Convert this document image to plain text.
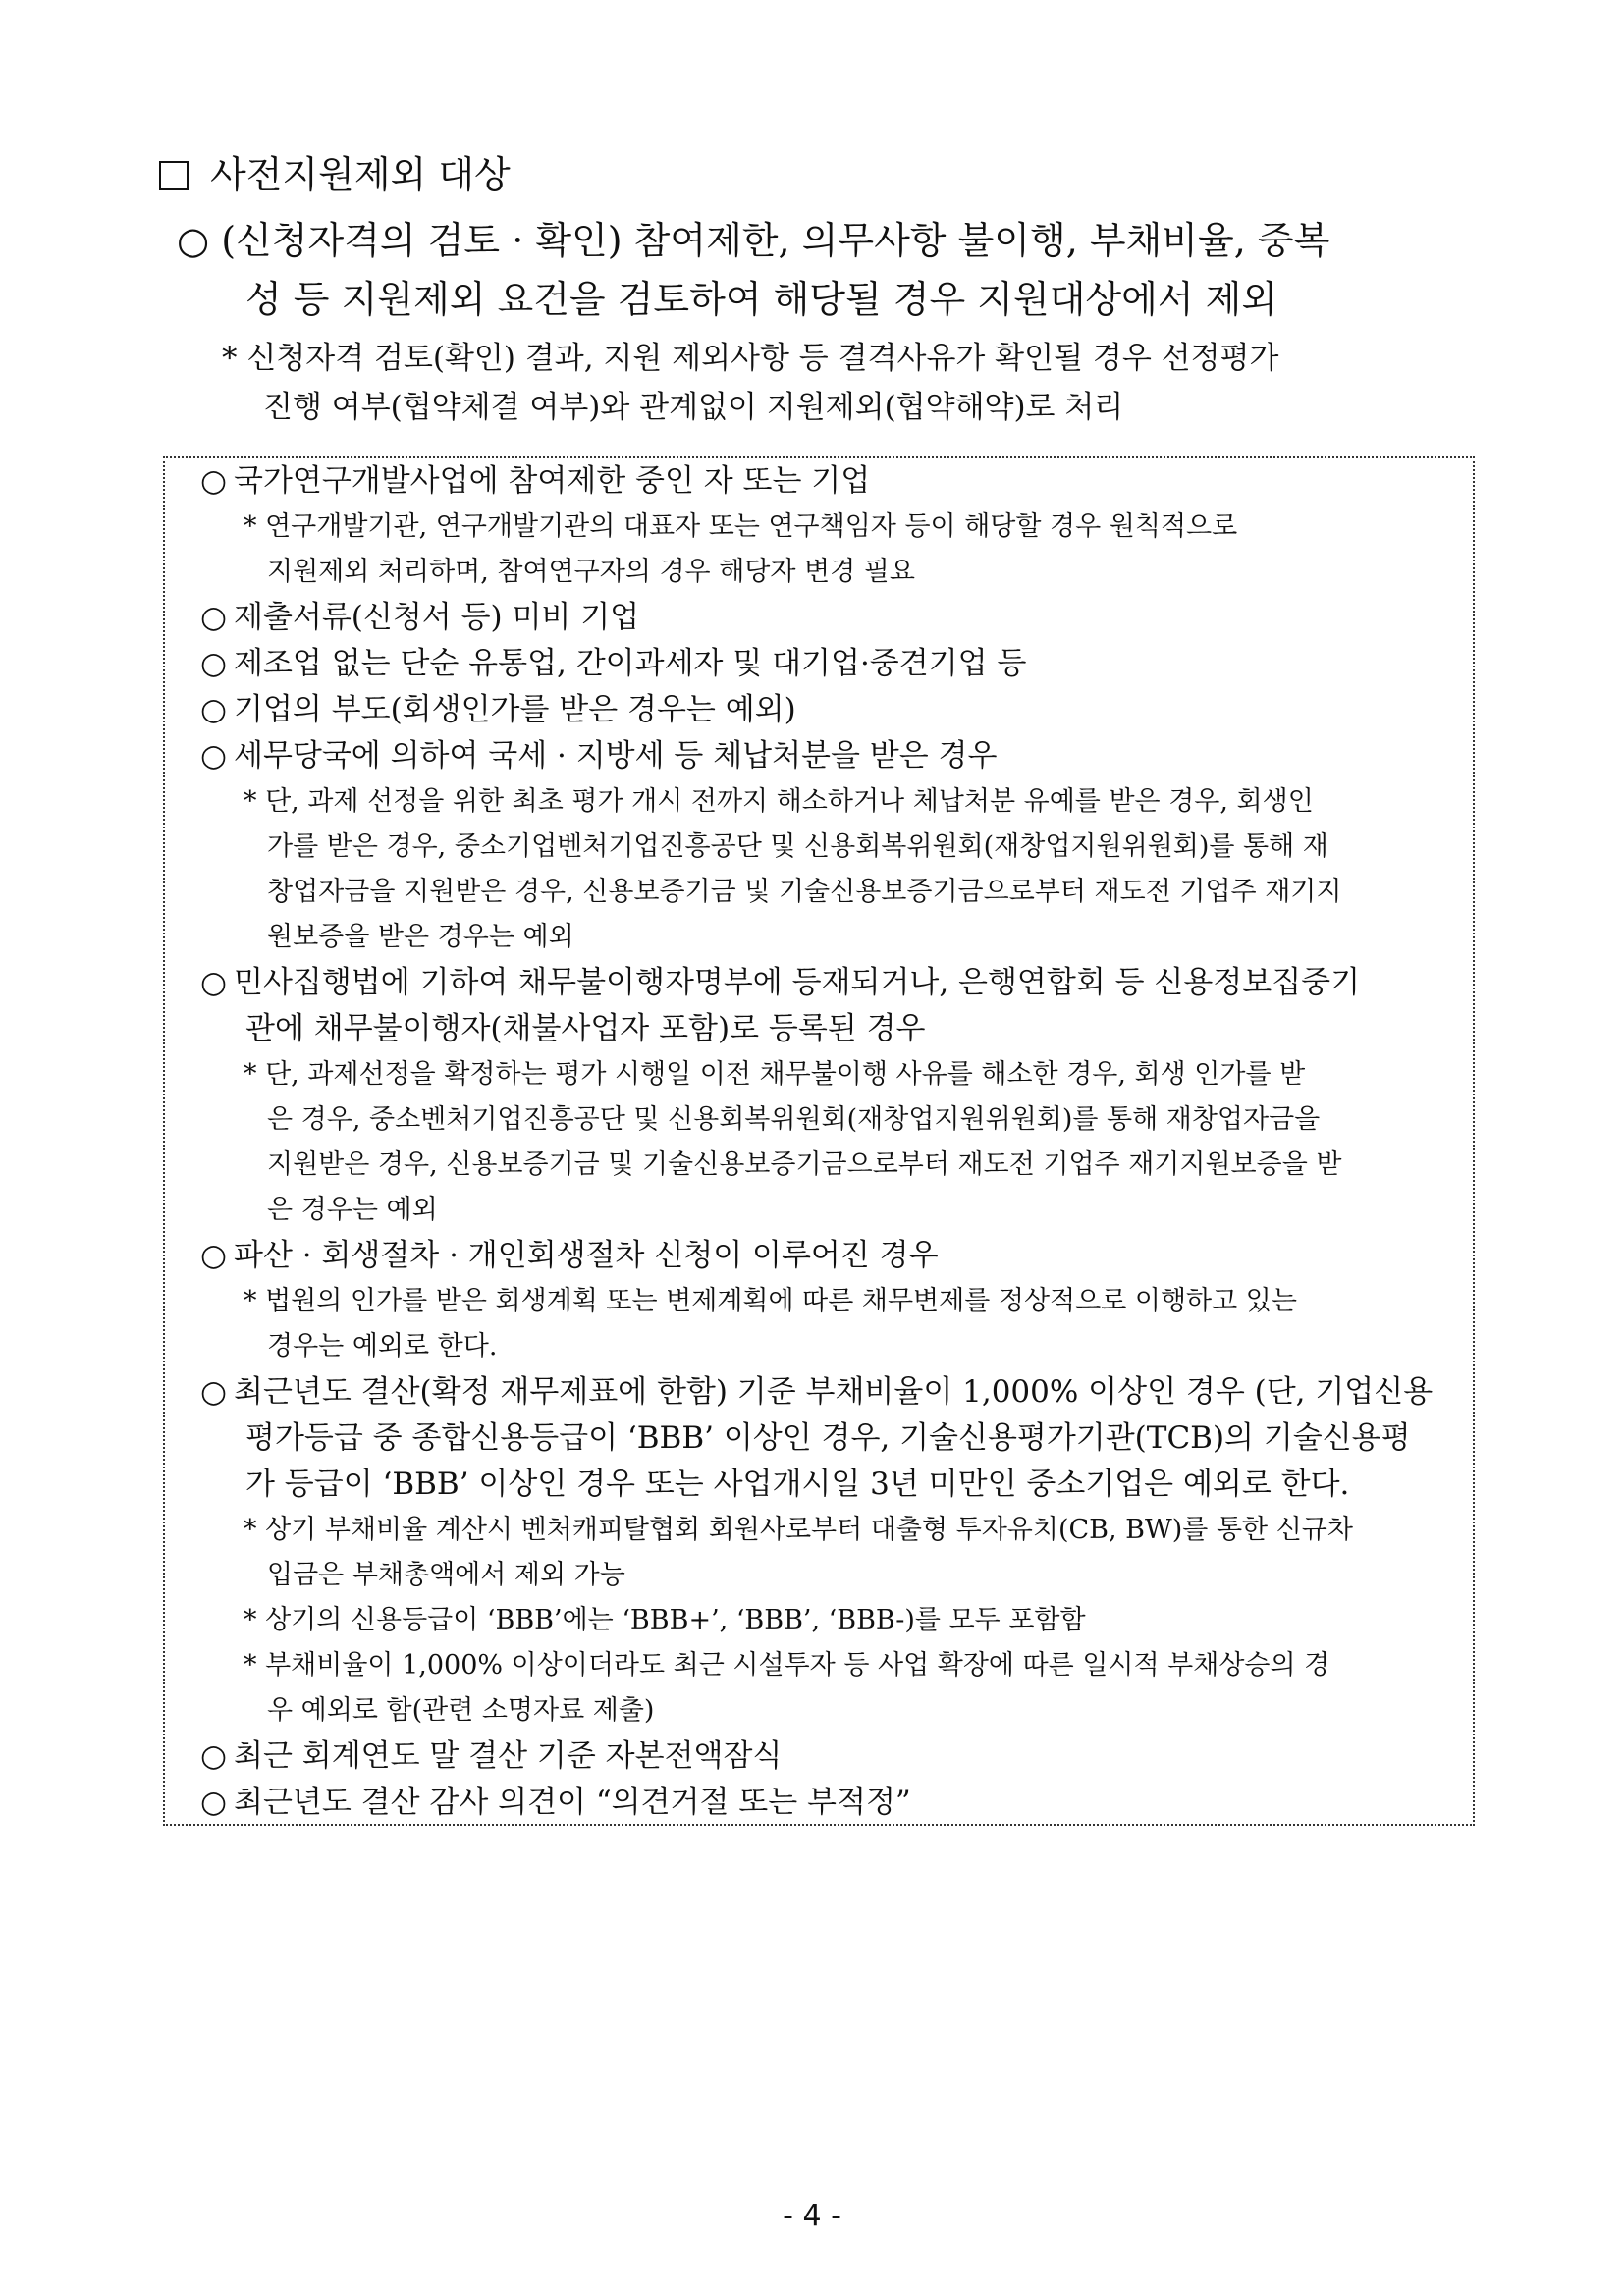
사전지원제외 대상
○ (신청자격의 검토 · 확인) 참여제한, 의무사항 불이행, 부채비율, 중복
성 등 지원제외 요건을 검토하여 해당될 경우 지원대상에서 제외
* 신청자격 검토(확인) 결과, 지원 제외사항 등 결격사유가 확인될 경우 선정평가
진행 여부(협약체결 여부)와 관계없이 지원제외(협약해약)로 처리
○ 국가연구개발사업에 참여제한 중인 자 또는 기업
* 연구개발기관, 연구개발기관의 대표자 또는 연구책임자 등이 해당할 경우 원칙적으로
지원제외 처리하며, 참여연구자의 경우 해당자 변경 필요
○ 제출서류(신청서 등) 미비 기업
○ 제조업 없는 단순 유통업, 간이과세자 및 대기업·중견기업 등
○ 기업의 부도(회생인가를 받은 경우는 예외)
○ 세무당국에 의하여 국세 · 지방세 등 체납처분을 받은 경우
* 단, 과제 선정을 위한 최초 평가 개시 전까지 해소하거나 체납처분 유예를 받은 경우, 회생인
가를 받은 경우, 중소기업벤처기업진흥공단 및 신용회복위원회(재창업지원위원회)를 통해 재
창업자금을 지원받은 경우, 신용보증기금 및 기술신용보증기금으로부터 재도전 기업주 재기지
원보증을 받은 경우는 예외
○ 민사집행법에 기하여 채무불이행자명부에 등재되거나, 은행연합회 등 신용정보집중기
관에 채무불이행자(채불사업자 포함)로 등록된 경우
* 단, 과제선정을 확정하는 평가 시행일 이전 채무불이행 사유를 해소한 경우, 회생 인가를 받
은 경우, 중소벤처기업진흥공단 및 신용회복위원회(재창업지원위원회)를 통해 재창업자금을
지원받은 경우, 신용보증기금 및 기술신용보증기금으로부터 재도전 기업주 재기지원보증을 받
은 경우는 예외
○ 파산 · 회생절차 · 개인회생절차 신청이 이루어진 경우
* 법원의 인가를 받은 회생계획 또는 변제계획에 따른 채무변제를 정상적으로 이행하고 있는
경우는 예외로 한다.
○ 최근년도 결산(확정 재무제표에 한함) 기준 부채비율이 1,000% 이상인 경우 (단, 기업신용
평가등급 중 종합신용등급이 ‘BBB’ 이상인 경우, 기술신용평가기관(TCB)의 기술신용평
가 등급이 ‘BBB’ 이상인 경우 또는 사업개시일 3년 미만인 중소기업은 예외로 한다.
* 상기 부채비율 계산시 벤처캐피탈협회 회원사로부터 대출형 투자유치(CB, BW)를 통한 신규차
입금은 부채총액에서 제외 가능
* 상기의 신용등급이 ‘BBB’에는 ‘BBB+’, ‘BBB’, ‘BBB-)를 모두 포함함
* 부채비율이 1,000% 이상이더라도 최근 시설투자 등 사업 확장에 따른 일시적 부채상승의 경
우 예외로 함(관련 소명자료 제출)
○ 최근 회계연도 말 결산 기준 자본전액잠식
○ 최근년도 결산 감사 의견이 “의견거절 또는 부적정”
- 4 -
